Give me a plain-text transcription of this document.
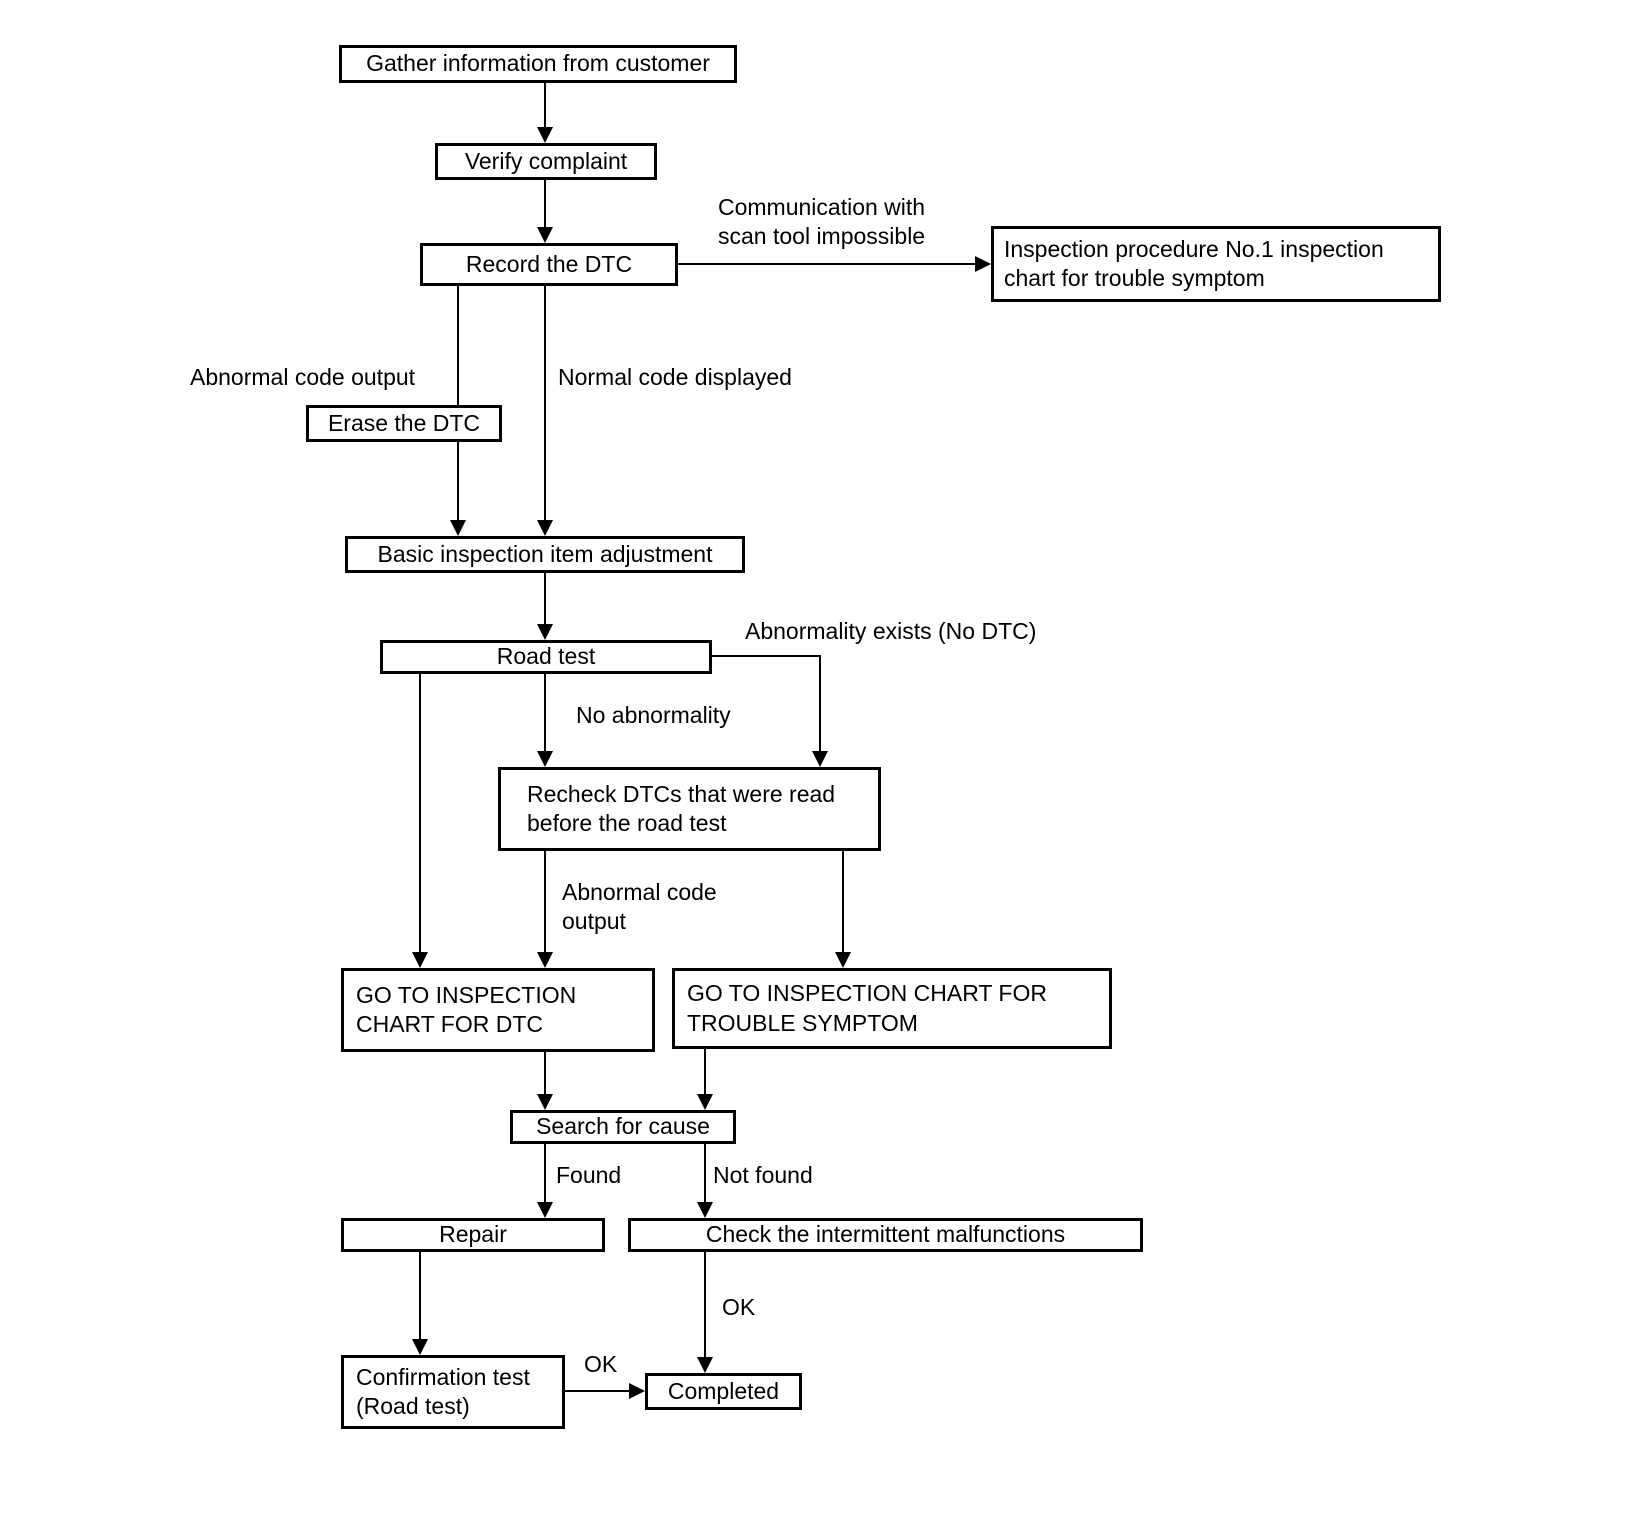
Gather information from customer
Verify complaint
Record the DTC
Inspection procedure No.1 inspection chart for trouble symptom
Erase the DTC
Basic inspection item adjustment
Road test
Recheck DTCs that were read before the road test
GO TO INSPECTION CHART FOR DTC
GO TO INSPECTION CHART FOR TROUBLE SYMPTOM
Search for cause
Repair	Check the intermittent malfunctions
Confirmation test (Road test)
Completed
Communication with scan tool impossible
Abnormal code output	Normal code displayed
Abnormality exists (No DTC)
No abnormality
Abnormal code output
Found	Not found
OK
OK
